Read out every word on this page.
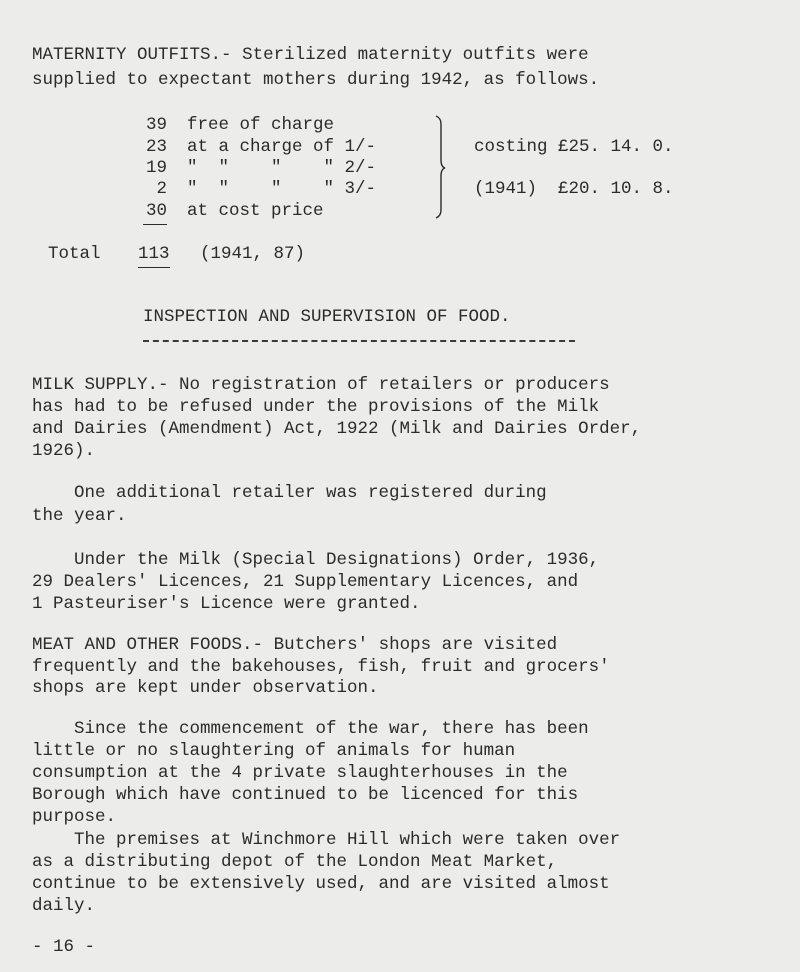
MATERNITY OUTFITS.- Sterilized maternity outfits were
supplied to expectant mothers during 1942, as follows.
39 free of charge
23 at a charge of 1/-
19 "  "    "    " 2/-
2 "  "    "    " 3/-
30 at cost price
costing £25. 14. 0.
(1941) £20. 10. 8.
Total 113 (1941, 87)
INSPECTION AND SUPERVISION OF FOOD.
MILK SUPPLY.- No registration of retailers or producers
has had to be refused under the provisions of the Milk
and Dairies (Amendment) Act, 1922 (Milk and Dairies Order,
1926).
One additional retailer was registered during
the year.
Under the Milk (Special Designations) Order, 1936,
29 Dealers' Licences, 21 Supplementary Licences, and
1 Pasteuriser's Licence were granted.
MEAT AND OTHER FOODS.- Butchers' shops are visited
frequently and the bakehouses, fish, fruit and grocers'
shops are kept under observation.
Since the commencement of the war, there has been
little or no slaughtering of animals for human
consumption at the 4 private slaughterhouses in the
Borough which have continued to be licenced for this
purpose.
The premises at Winchmore Hill which were taken over
as a distributing depot of the London Meat Market,
continue to be extensively used, and are visited almost
daily.
- 16 -
